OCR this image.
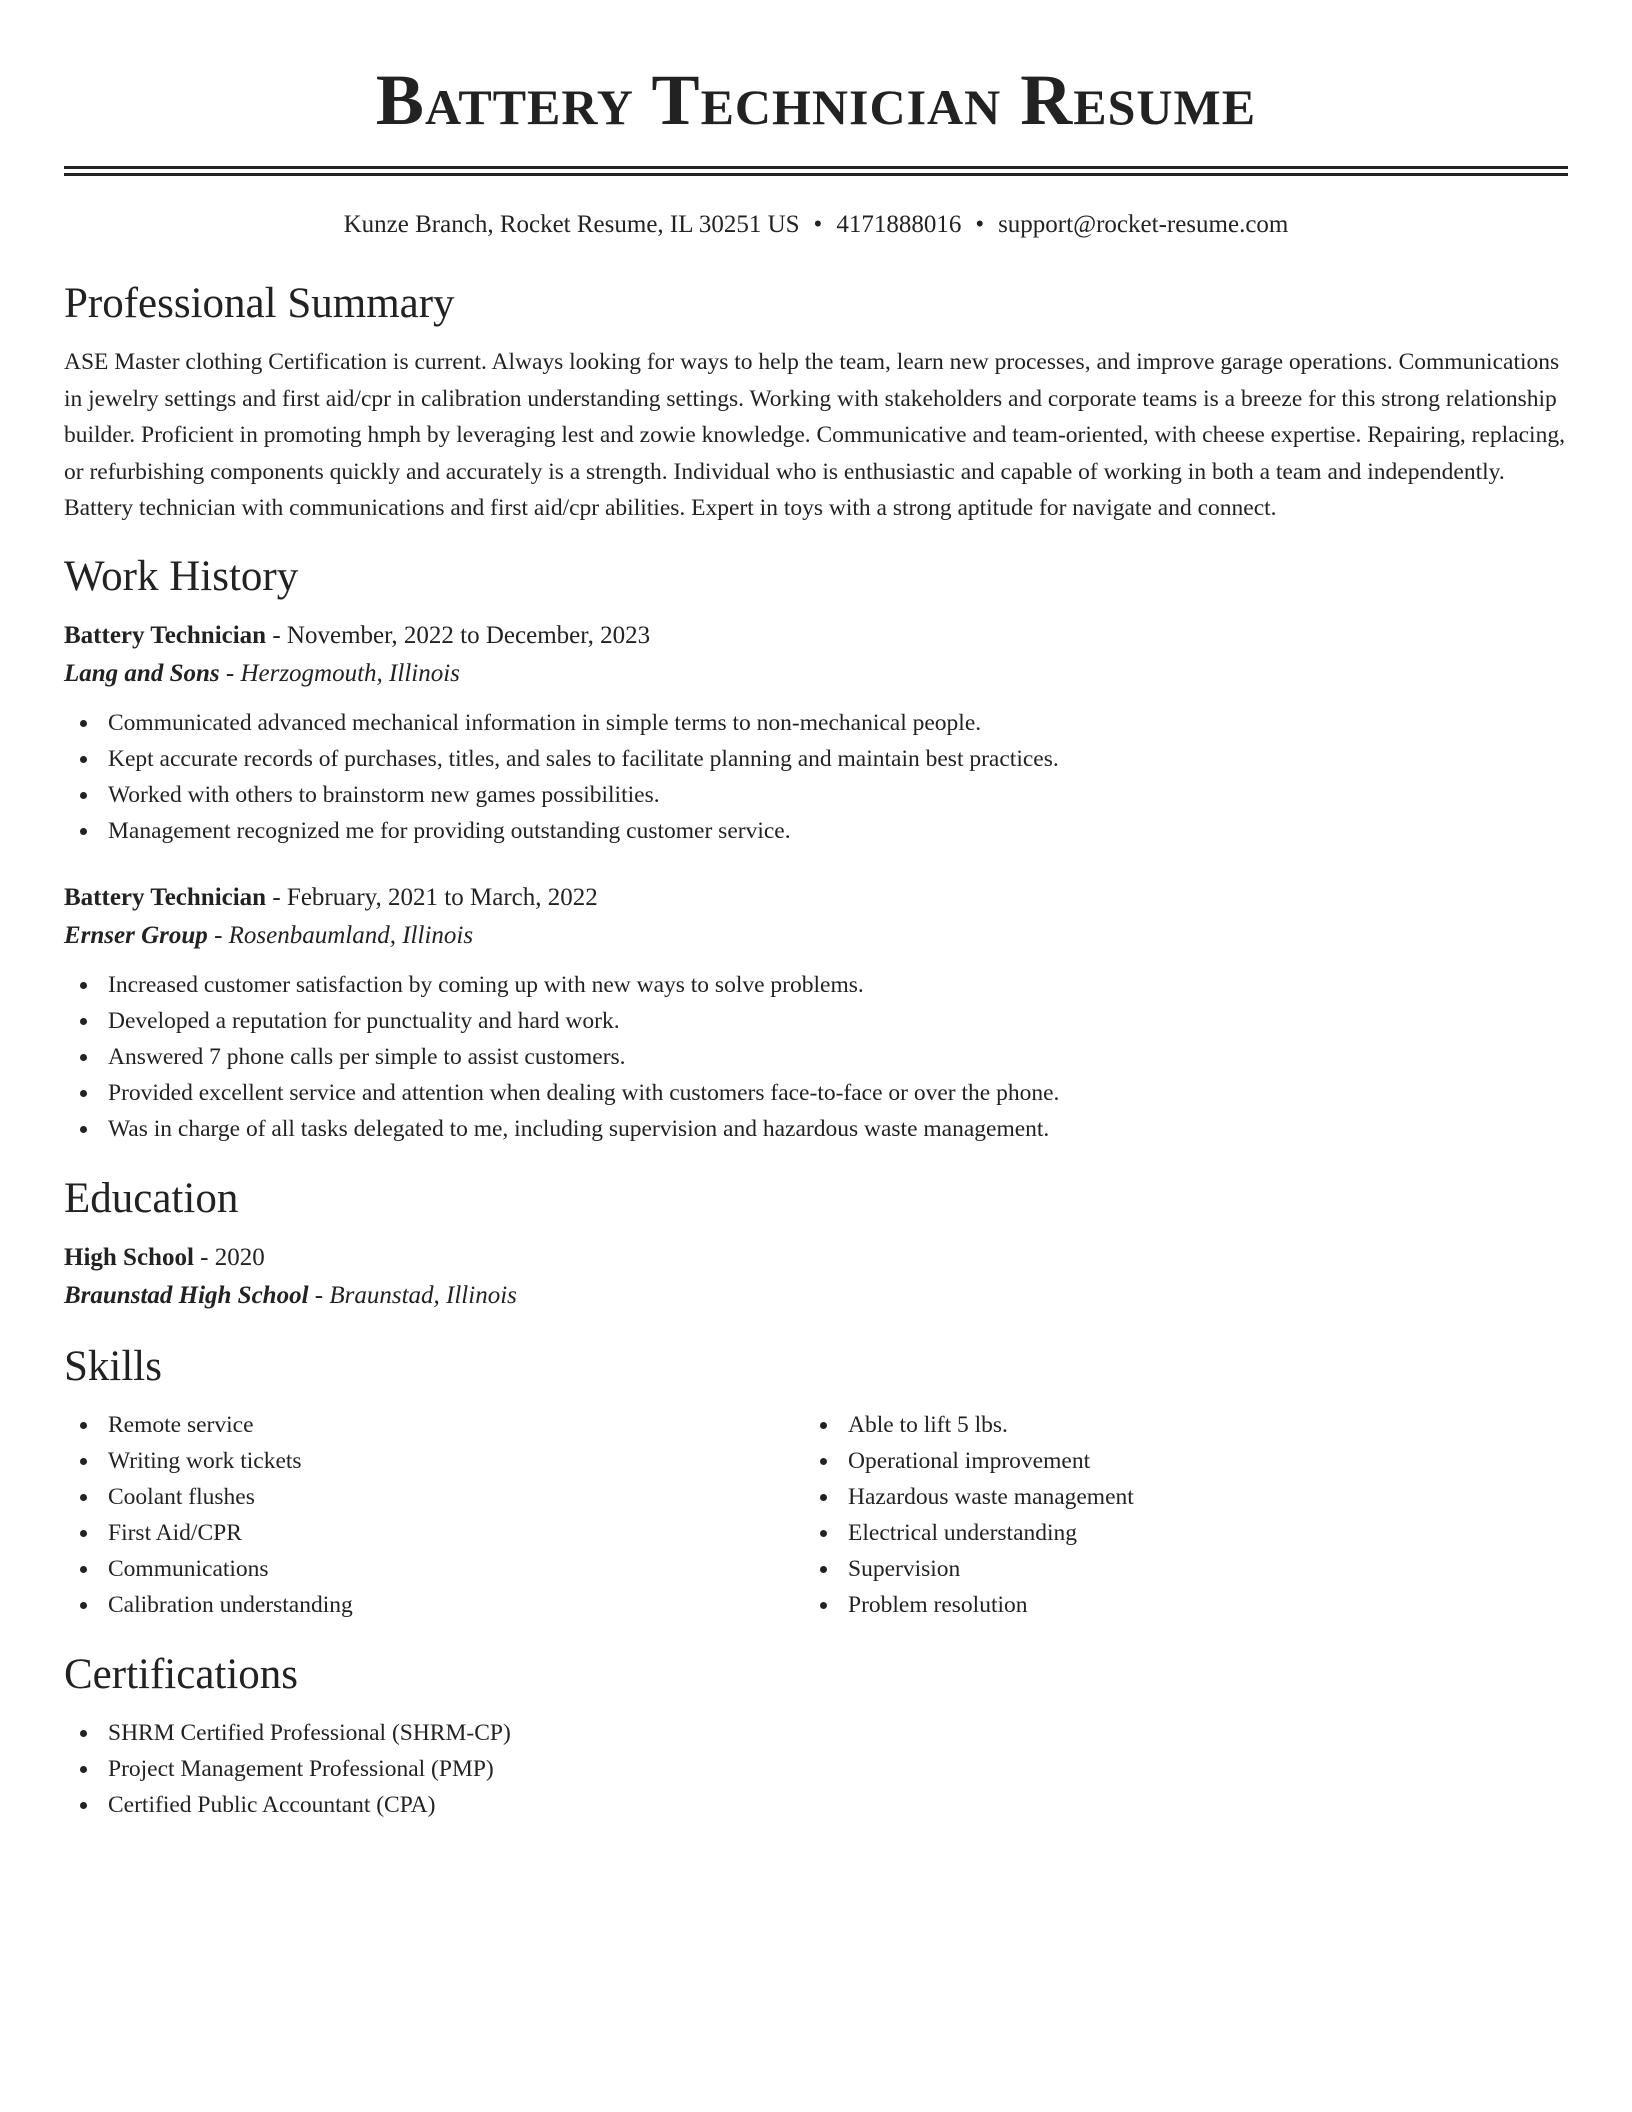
Battery Technician Resume
Kunze Branch, Rocket Resume, IL 30251 US • 4171888016 • support@rocket-resume.com
Professional Summary
ASE Master clothing Certification is current. Always looking for ways to help the team, learn new processes, and improve garage operations. Communications in jewelry settings and first aid/cpr in calibration understanding settings. Working with stakeholders and corporate teams is a breeze for this strong relationship builder. Proficient in promoting hmph by leveraging lest and zowie knowledge. Communicative and team-oriented, with cheese expertise. Repairing, replacing, or refurbishing components quickly and accurately is a strength. Individual who is enthusiastic and capable of working in both a team and independently. Battery technician with communications and first aid/cpr abilities. Expert in toys with a strong aptitude for navigate and connect.
Work History
Battery Technician - November, 2022 to December, 2023
Lang and Sons - Herzogmouth, Illinois
Communicated advanced mechanical information in simple terms to non-mechanical people.
Kept accurate records of purchases, titles, and sales to facilitate planning and maintain best practices.
Worked with others to brainstorm new games possibilities.
Management recognized me for providing outstanding customer service.
Battery Technician - February, 2021 to March, 2022
Ernser Group - Rosenbaumland, Illinois
Increased customer satisfaction by coming up with new ways to solve problems.
Developed a reputation for punctuality and hard work.
Answered 7 phone calls per simple to assist customers.
Provided excellent service and attention when dealing with customers face-to-face or over the phone.
Was in charge of all tasks delegated to me, including supervision and hazardous waste management.
Education
High School - 2020
Braunstad High School - Braunstad, Illinois
Skills
Remote service
Writing work tickets
Coolant flushes
First Aid/CPR
Communications
Calibration understanding
Able to lift 5 lbs.
Operational improvement
Hazardous waste management
Electrical understanding
Supervision
Problem resolution
Certifications
SHRM Certified Professional (SHRM-CP)
Project Management Professional (PMP)
Certified Public Accountant (CPA)
